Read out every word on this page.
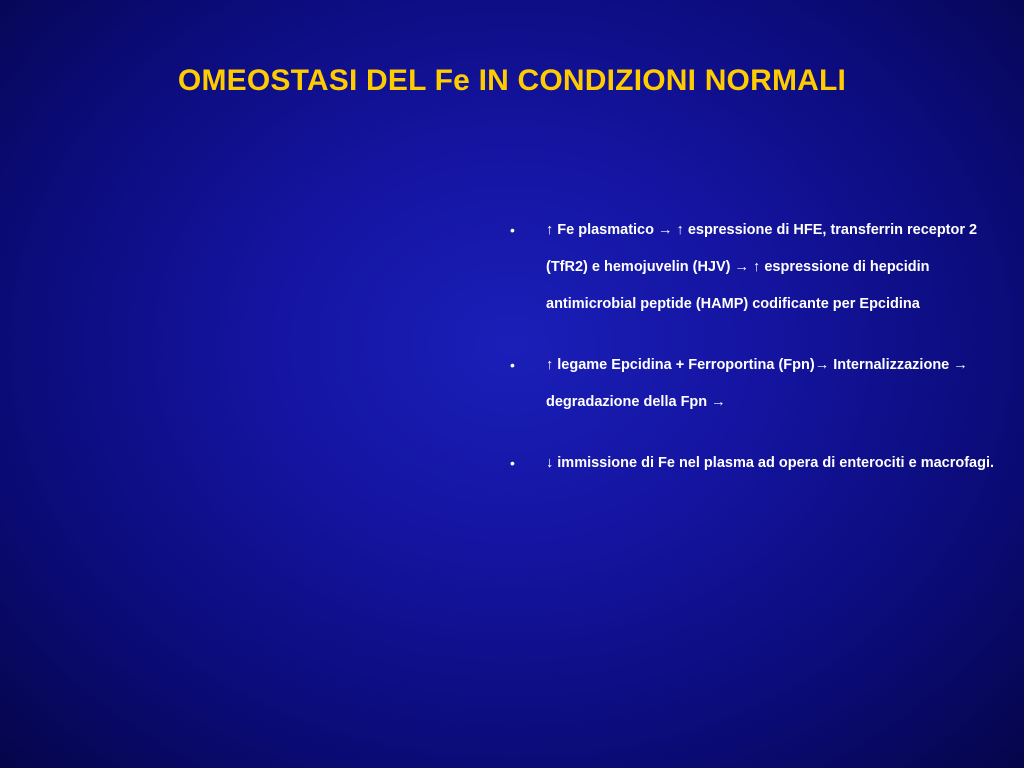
OMEOSTASI DEL Fe IN CONDIZIONI NORMALI
• ↑ Fe plasmatico → ↑ espressione di HFE, transferrin receptor 2 (TfR2) e hemojuvelin (HJV) → ↑ espressione di hepcidin antimicrobial peptide (HAMP) codificante per Epcidina
• ↑ legame Epcidina + Ferroportina (Fpn)→ Internalizzazione → degradazione della Fpn →
• ↓ immissione di Fe nel plasma ad opera di enterociti e macrofagi.
